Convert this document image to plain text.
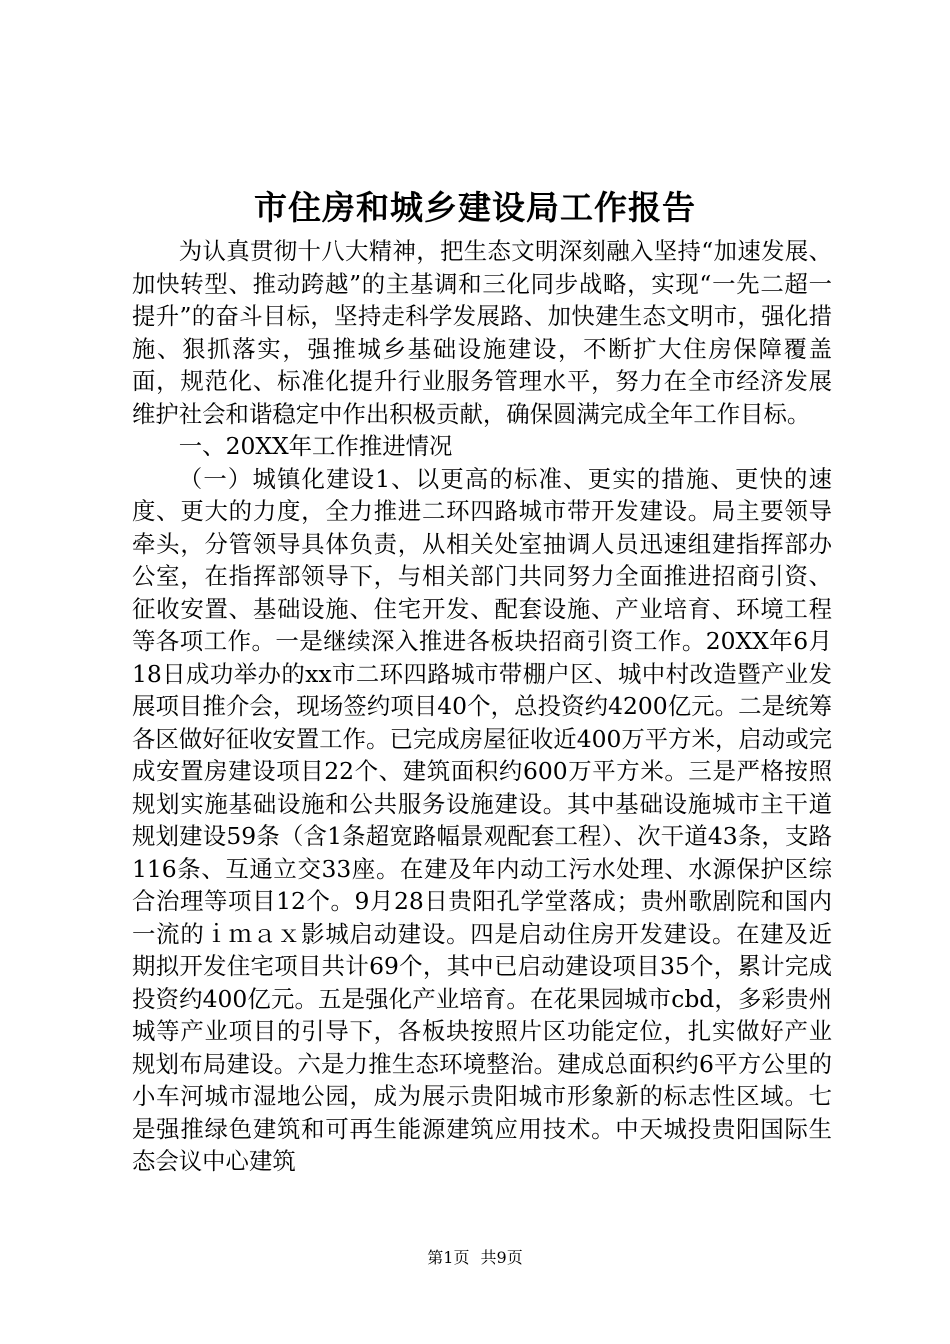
市住房和城乡建设局工作报告

为认真贯彻十八大精神，把生态文明深刻融入坚持“加速发展、加快转型、推动跨越”的主基调和三化同步战略，实现“一先二超一提升”的奋斗目标，坚持走科学发展路、加快建生态文明市，强化措施、狠抓落实，强推城乡基础设施建设，不断扩大住房保障覆盖面，规范化、标准化提升行业服务管理水平，努力在全市经济发展维护社会和谐稳定中作出积极贡献，确保圆满完成全年工作目标。

一、20XX年工作推进情况

（一）城镇化建设1、以更高的标准、更实的措施、更快的速度、更大的力度，全力推进二环四路城市带开发建设。局主要领导牵头，分管领导具体负责，从相关处室抽调人员迅速组建指挥部办公室，在指挥部领导下，与相关部门共同努力全面推进招商引资、征收安置、基础设施、住宅开发、配套设施、产业培育、环境工程等各项工作。一是继续深入推进各板块招商引资工作。20XX年6月18日成功举办的xx市二环四路城市带棚户区、城中村改造暨产业发展项目推介会，现场签约项目40个，总投资约4200亿元。二是统筹各区做好征收安置工作。已完成房屋征收近400万平方米，启动或完成安置房建设项目22个、建筑面积约600万平方米。三是严格按照规划实施基础设施和公共服务设施建设。其中基础设施城市主干道规划建设59条（含1条超宽路幅景观配套工程）、次干道43条，支路116条、互通立交33座。在建及年内动工污水处理、水源保护区综合治理等项目12个。9月28日贵阳孔学堂落成；贵州歌剧院和国内一流的ｉｍａｘ影城启动建设。四是启动住房开发建设。在建及近期拟开发住宅项目共计69个，其中已启动建设项目35个，累计完成投资约400亿元。五是强化产业培育。在花果园城市cbd，多彩贵州城等产业项目的引导下，各板块按照片区功能定位，扎实做好产业规划布局建设。六是力推生态环境整治。建成总面积约6平方公里的小车河城市湿地公园，成为展示贵阳城市形象新的标志性区域。七是强推绿色建筑和可再生能源建筑应用技术。中天城投贵阳国际生态会议中心建筑

第1页 共9页
